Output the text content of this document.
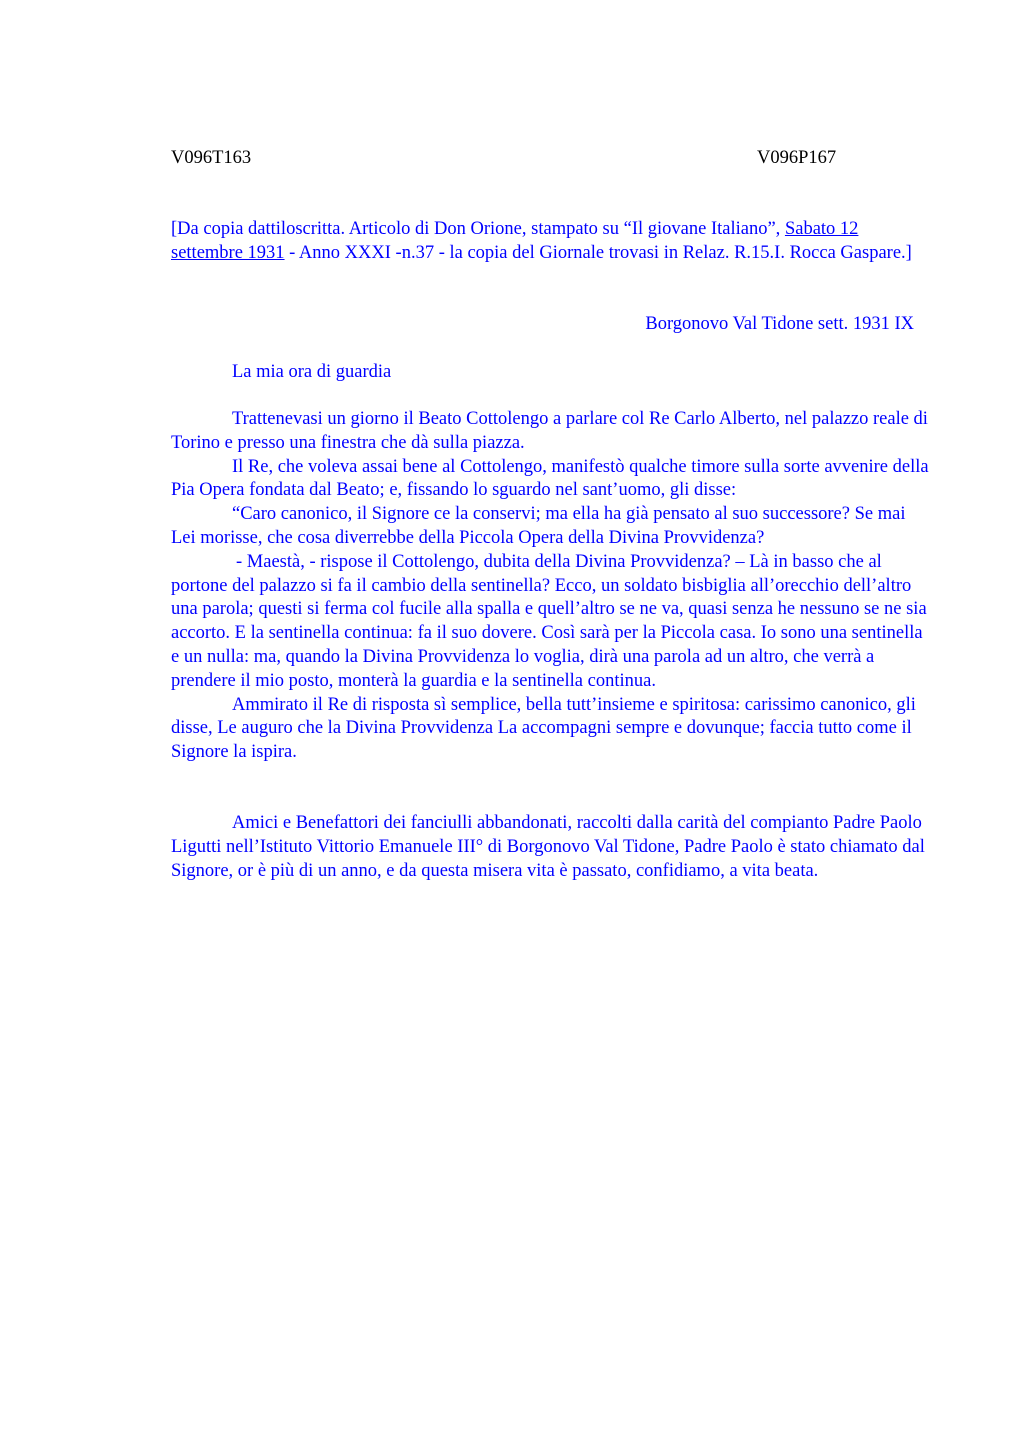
V096T163	V096P167

[Da copia dattiloscritta. Articolo di Don Orione, stampato su “Il giovane Italiano”, Sabato 12 settembre 1931 - Anno XXXI -n.37 - la copia del Giornale trovasi in Relaz. R.15.I. Rocca Gaspare.]

Borgonovo Val Tidone sett. 1931 IX

La mia ora di guardia

Trattenevasi un giorno il Beato Cottolengo a parlare col Re Carlo Alberto, nel palazzo reale di Torino e presso una finestra che dà sulla piazza.

Il Re, che voleva assai bene al Cottolengo, manifestò qualche timore sulla sorte avvenire della Pia Opera fondata dal Beato; e, fissando lo sguardo nel sant’uomo, gli disse:

“Caro canonico, il Signore ce la conservi; ma ella ha già pensato al suo successore? Se mai Lei morisse, che cosa diverrebbe della Piccola Opera della Divina Provvidenza?

- Maestà, - rispose il Cottolengo, dubita della Divina Provvidenza? – Là in basso che al portone del palazzo si fa il cambio della sentinella? Ecco, un soldato bisbiglia all’orecchio dell’altro una parola; questi si ferma col fucile alla spalla e quell’altro se ne va, quasi senza he nessuno se ne sia accorto. E la sentinella continua: fa il suo dovere. Così sarà per la Piccola casa. Io sono una sentinella e un nulla: ma, quando la Divina Provvidenza lo voglia, dirà una parola ad un altro, che verrà a prendere il mio posto, monterà la guardia e la sentinella continua.

Ammirato il Re di risposta sì semplice, bella tutt’insieme e spiritosa: carissimo canonico, gli disse, Le auguro che la Divina Provvidenza La accompagni sempre e dovunque; faccia tutto come il Signore la ispira.

Amici e Benefattori dei fanciulli abbandonati, raccolti dalla carità del compianto Padre Paolo Ligutti nell’Istituto Vittorio Emanuele III° di Borgonovo Val Tidone, Padre Paolo è stato chiamato dal Signore, or è più di un anno, e da questa misera vita è passato, confidiamo, a vita beata.
